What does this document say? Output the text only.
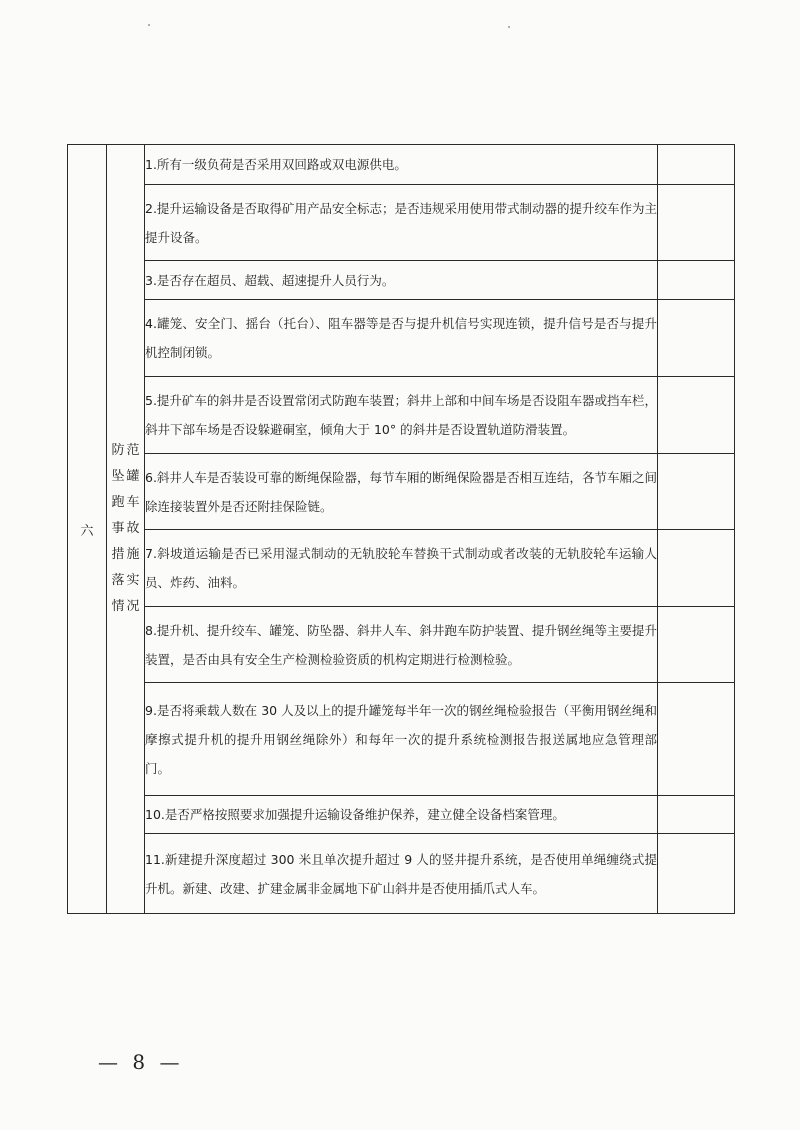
六	防范坠罐跑车事故措施落实情况	1.所有一级负荷是否采用双回路或双电源供电。	
		2.提升运输设备是否取得矿用产品安全标志；是否违规采用使用带式制动器的提升绞车作为主提升设备。	
		3.是否存在超员、超载、超速提升人员行为。	
		4.罐笼、安全门、摇台（托台）、阻车器等是否与提升机信号实现连锁，提升信号是否与提升机控制闭锁。	
		5.提升矿车的斜井是否设置常闭式防跑车装置；斜井上部和中间车场是否设阻车器或挡车栏，斜井下部车场是否设躲避硐室，倾角大于 10° 的斜井是否设置轨道防滑装置。	
		6.斜井人车是否装设可靠的断绳保险器，每节车厢的断绳保险器是否相互连结，各节车厢之间除连接装置外是否还附挂保险链。	
		7.斜坡道运输是否已采用湿式制动的无轨胶轮车替换干式制动或者改装的无轨胶轮车运输人员、炸药、油料。	
		8.提升机、提升绞车、罐笼、防坠器、斜井人车、斜井跑车防护装置、提升钢丝绳等主要提升装置，是否由具有安全生产检测检验资质的机构定期进行检测检验。	
		9.是否将乘载人数在 30 人及以上的提升罐笼每半年一次的钢丝绳检验报告（平衡用钢丝绳和摩擦式提升机的提升用钢丝绳除外）和每年一次的提升系统检测报告报送属地应急管理部门。	
		10.是否严格按照要求加强提升运输设备维护保养，建立健全设备档案管理。	
		11.新建提升深度超过 300 米且单次提升超过 9 人的竖井提升系统，是否使用单绳缠绕式提升机。新建、改建、扩建金属非金属地下矿山斜井是否使用插爪式人车。	
— 8 —
